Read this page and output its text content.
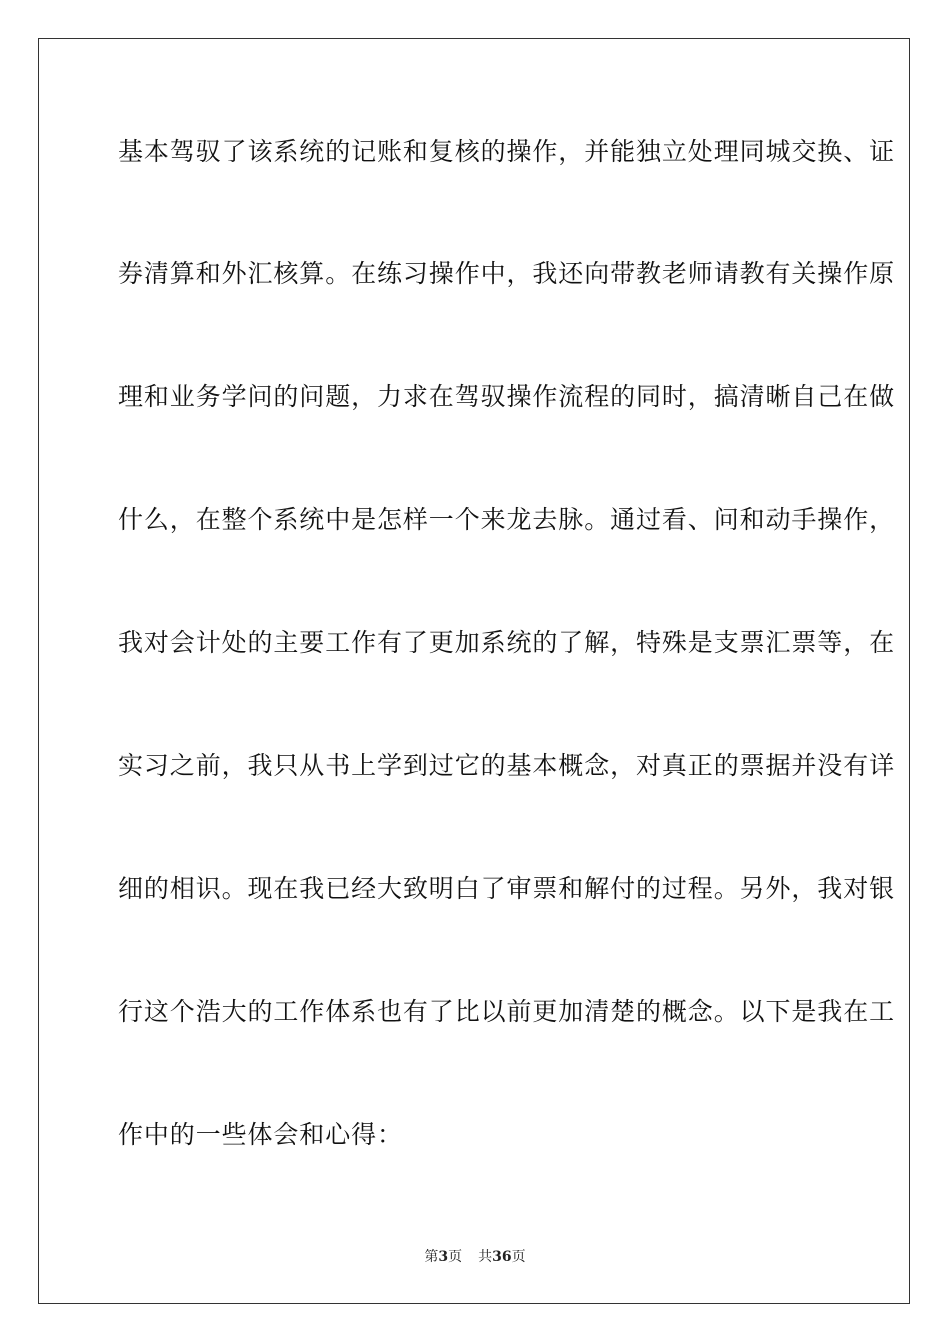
基本驾驭了该系统的记账和复核的操作，并能独立处理同城交换、证
券清算和外汇核算。在练习操作中，我还向带教老师请教有关操作原
理和业务学问的问题，力求在驾驭操作流程的同时，搞清晰自己在做
什么，在整个系统中是怎样一个来龙去脉。通过看、问和动手操作，
我对会计处的主要工作有了更加系统的了解，特殊是支票汇票等，在
实习之前，我只从书上学到过它的基本概念，对真正的票据并没有详
细的相识。现在我已经大致明白了审票和解付的过程。另外，我对银
行这个浩大的工作体系也有了比以前更加清楚的概念。以下是我在工
作中的一些体会和心得：
第3页 共36页
